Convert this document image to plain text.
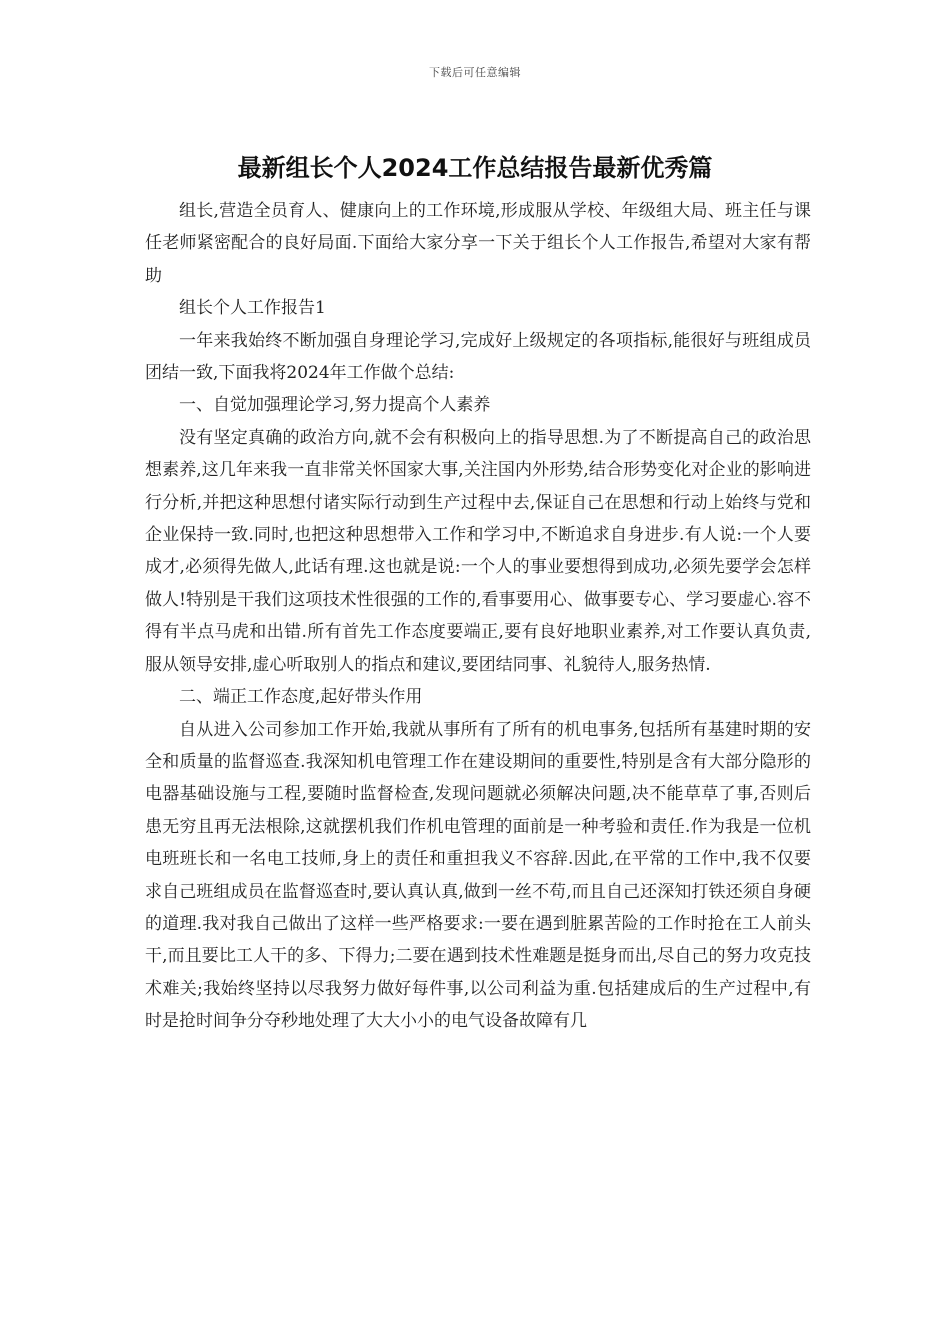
下载后可任意编辑
最新组长个人2024工作总结报告最新优秀篇

组长,营造全员育人、健康向上的工作环境,形成服从学校、年级组大局、班主任与课任老师紧密配合的良好局面.下面给大家分享一下关于组长个人工作报告,希望对大家有帮助

组长个人工作报告1

一年来我始终不断加强自身理论学习,完成好上级规定的各项指标,能很好与班组成员团结一致,下面我将2024年工作做个总结:

一、自觉加强理论学习,努力提高个人素养

没有坚定真确的政治方向,就不会有积极向上的指导思想.为了不断提高自己的政治思想素养,这几年来我一直非常关怀国家大事,关注国内外形势,结合形势变化对企业的影响进行分析,并把这种思想付诸实际行动到生产过程中去,保证自己在思想和行动上始终与党和企业保持一致.同时,也把这种思想带入工作和学习中,不断追求自身进步.有人说:一个人要成才,必须得先做人,此话有理.这也就是说:一个人的事业要想得到成功,必须先要学会怎样做人!特别是干我们这项技术性很强的工作的,看事要用心、做事要专心、学习要虚心.容不得有半点马虎和出错.所有首先工作态度要端正,要有良好地职业素养,对工作要认真负责,服从领导安排,虚心听取别人的指点和建议,要团结同事、礼貌待人,服务热情.

二、端正工作态度,起好带头作用

自从进入公司参加工作开始,我就从事所有了所有的机电事务,包括所有基建时期的安全和质量的监督巡查.我深知机电管理工作在建设期间的重要性,特别是含有大部分隐形的电器基础设施与工程,要随时监督检查,发现问题就必须解决问题,决不能草草了事,否则后患无穷且再无法根除,这就摆机我们作机电管理的面前是一种考验和责任.作为我是一位机电班班长和一名电工技师,身上的责任和重担我义不容辞.因此,在平常的工作中,我不仅要求自己班组成员在监督巡查时,要认真认真,做到一丝不苟,而且自己还深知打铁还须自身硬的道理.我对我自己做出了这样一些严格要求:一要在遇到脏累苦险的工作时抢在工人前头干,而且要比工人干的多、下得力;二要在遇到技术性难题是挺身而出,尽自己的努力攻克技术难关;我始终坚持以尽我努力做好每件事,以公司利益为重.包括建成后的生产过程中,有时是抢时间争分夺秒地处理了大大小小的电气设备故障有几
